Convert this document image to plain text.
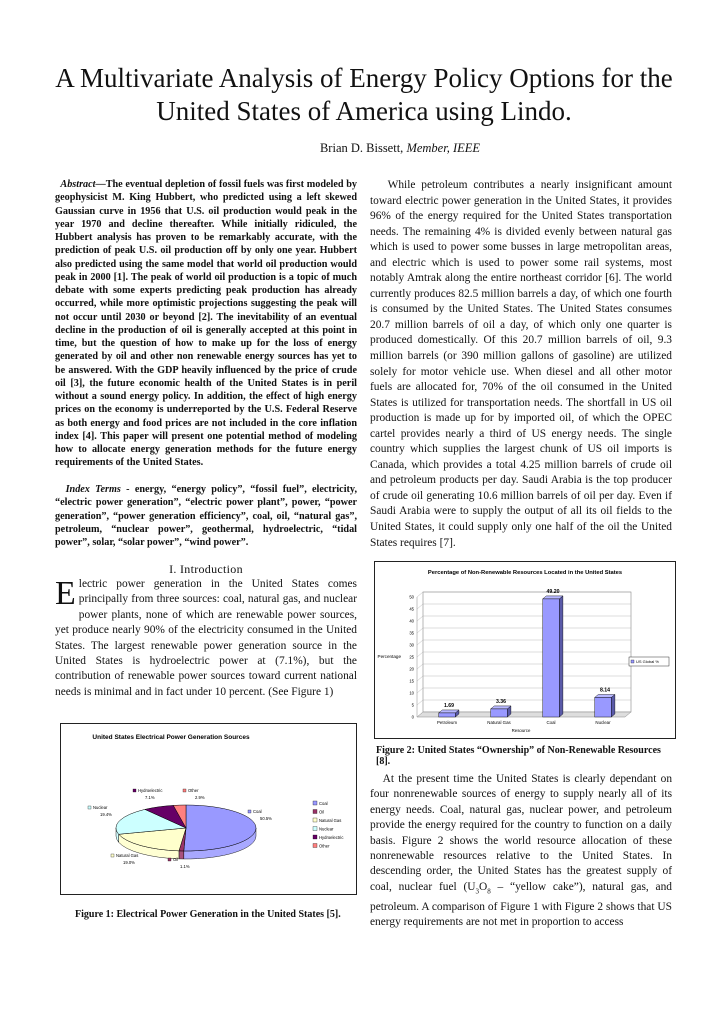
A Multivariate Analysis of Energy Policy Options for the United States of America using Lindo.
Brian D. Bissett, Member, IEEE
Abstract—The eventual depletion of fossil fuels was first modeled by geophysicist M. King Hubbert, who predicted using a left skewed Gaussian curve in 1956 that U.S. oil production would peak in the year 1970 and decline thereafter. While initially ridiculed, the Hubbert analysis has proven to be remarkably accurate, with the prediction of peak U.S. oil production off by only one year. Hubbert also predicted using the same model that world oil production would peak in 2000 [1]. The peak of world oil production is a topic of much debate with some experts predicting peak production has already occurred, while more optimistic projections suggesting the peak will not occur until 2030 or beyond [2]. The inevitability of an eventual decline in the production of oil is generally accepted at this point in time, but the question of how to make up for the loss of energy generated by oil and other non renewable energy sources has yet to be answered. With the GDP heavily influenced by the price of crude oil [3], the future economic health of the United States is in peril without a sound energy policy. In addition, the effect of high energy prices on the economy is underreported by the U.S. Federal Reserve as both energy and food prices are not included in the core inflation index [4]. This paper will present one potential method of modeling how to allocate energy generation methods for the future energy requirements of the United States.
Index Terms - energy, “energy policy”, “fossil fuel”, electricity, “electric power generation”, “electric power plant”, power, “power generation”, “power generation efficiency”, coal, oil, “natural gas”, petroleum, “nuclear power”, geothermal, hydroelectric, “tidal power”, solar, “solar power”, “wind power”.
I. Introduction
Electric power generation in the United States comes principally from three sources: coal, natural gas, and nuclear power plants, none of which are renewable power sources, yet produce nearly 90% of the electricity consumed in the United States. The largest renewable power generation source in the United States is hydroelectric power at (7.1%), but the contribution of renewable power sources toward current national needs is minimal and in fact under 10 percent. (See Figure 1)
United States Electrical Power Generation Sources
Coal
50.5%
Oil
1.1%
Natural Gas
19.0%
Nuclear
19.4%
Hydroelectric
7.1%
Other
2.9%
Coal
Oil
Natural Gas
Nuclear
Hydroelectric
Other
Figure 1: Electrical Power Generation in the United States [5].
While petroleum contributes a nearly insignificant amount toward electric power generation in the United States, it provides 96% of the energy required for the United States transportation needs. The remaining 4% is divided evenly between natural gas which is used to power some busses in large metropolitan areas, and electric which is used to power some rail systems, most notably Amtrak along the entire northeast corridor [6]. The world currently produces 82.5 million barrels a day, of which one fourth is consumed by the United States. The United States consumes 20.7 million barrels of oil a day, of which only one quarter is produced domestically. Of this 20.7 million barrels of oil, 9.3 million barrels (or 390 million gallons of gasoline) are utilized solely for motor vehicle use. When diesel and all other motor fuels are allocated for, 70% of the oil consumed in the United States is utilized for transportation needs. The shortfall in US oil production is made up for by imported oil, of which the OPEC cartel provides nearly a third of US energy needs. The single country which supplies the largest chunk of US oil imports is Canada, which provides a total 4.25 million barrels of crude oil and petroleum products per day. Saudi Arabia is the top producer of crude oil generating 10.6 million barrels of oil per day. Even if Saudi Arabia were to supply the output of all its oil fields to the United States, it could supply only one half of the oil the United States requires [7].
Percentage of Non-Renewable Resources Located in the United States
0
5
10
15
20
25
30
35
40
45
50
Percentage
1.69
Petroleum
3.36
Natural Gas
49.20
Coal
8.14
Nuclear
Resource
US Global %
Figure 2: United States “Ownership” of Non-Renewable Resources [8].
At the present time the United States is clearly dependant on four nonrenewable sources of energy to supply nearly all of its energy needs. Coal, natural gas, nuclear power, and petroleum provide the energy required for the country to function on a daily basis. Figure 2 shows the world resource allocation of these nonrenewable resources relative to the United States. In descending order, the United States has the greatest supply of coal, nuclear fuel ($U_3O_8$ – “yellow cake”), natural gas, and petroleum. A comparison of Figure 1 with Figure 2 shows that US energy requirements are not met in proportion to access
